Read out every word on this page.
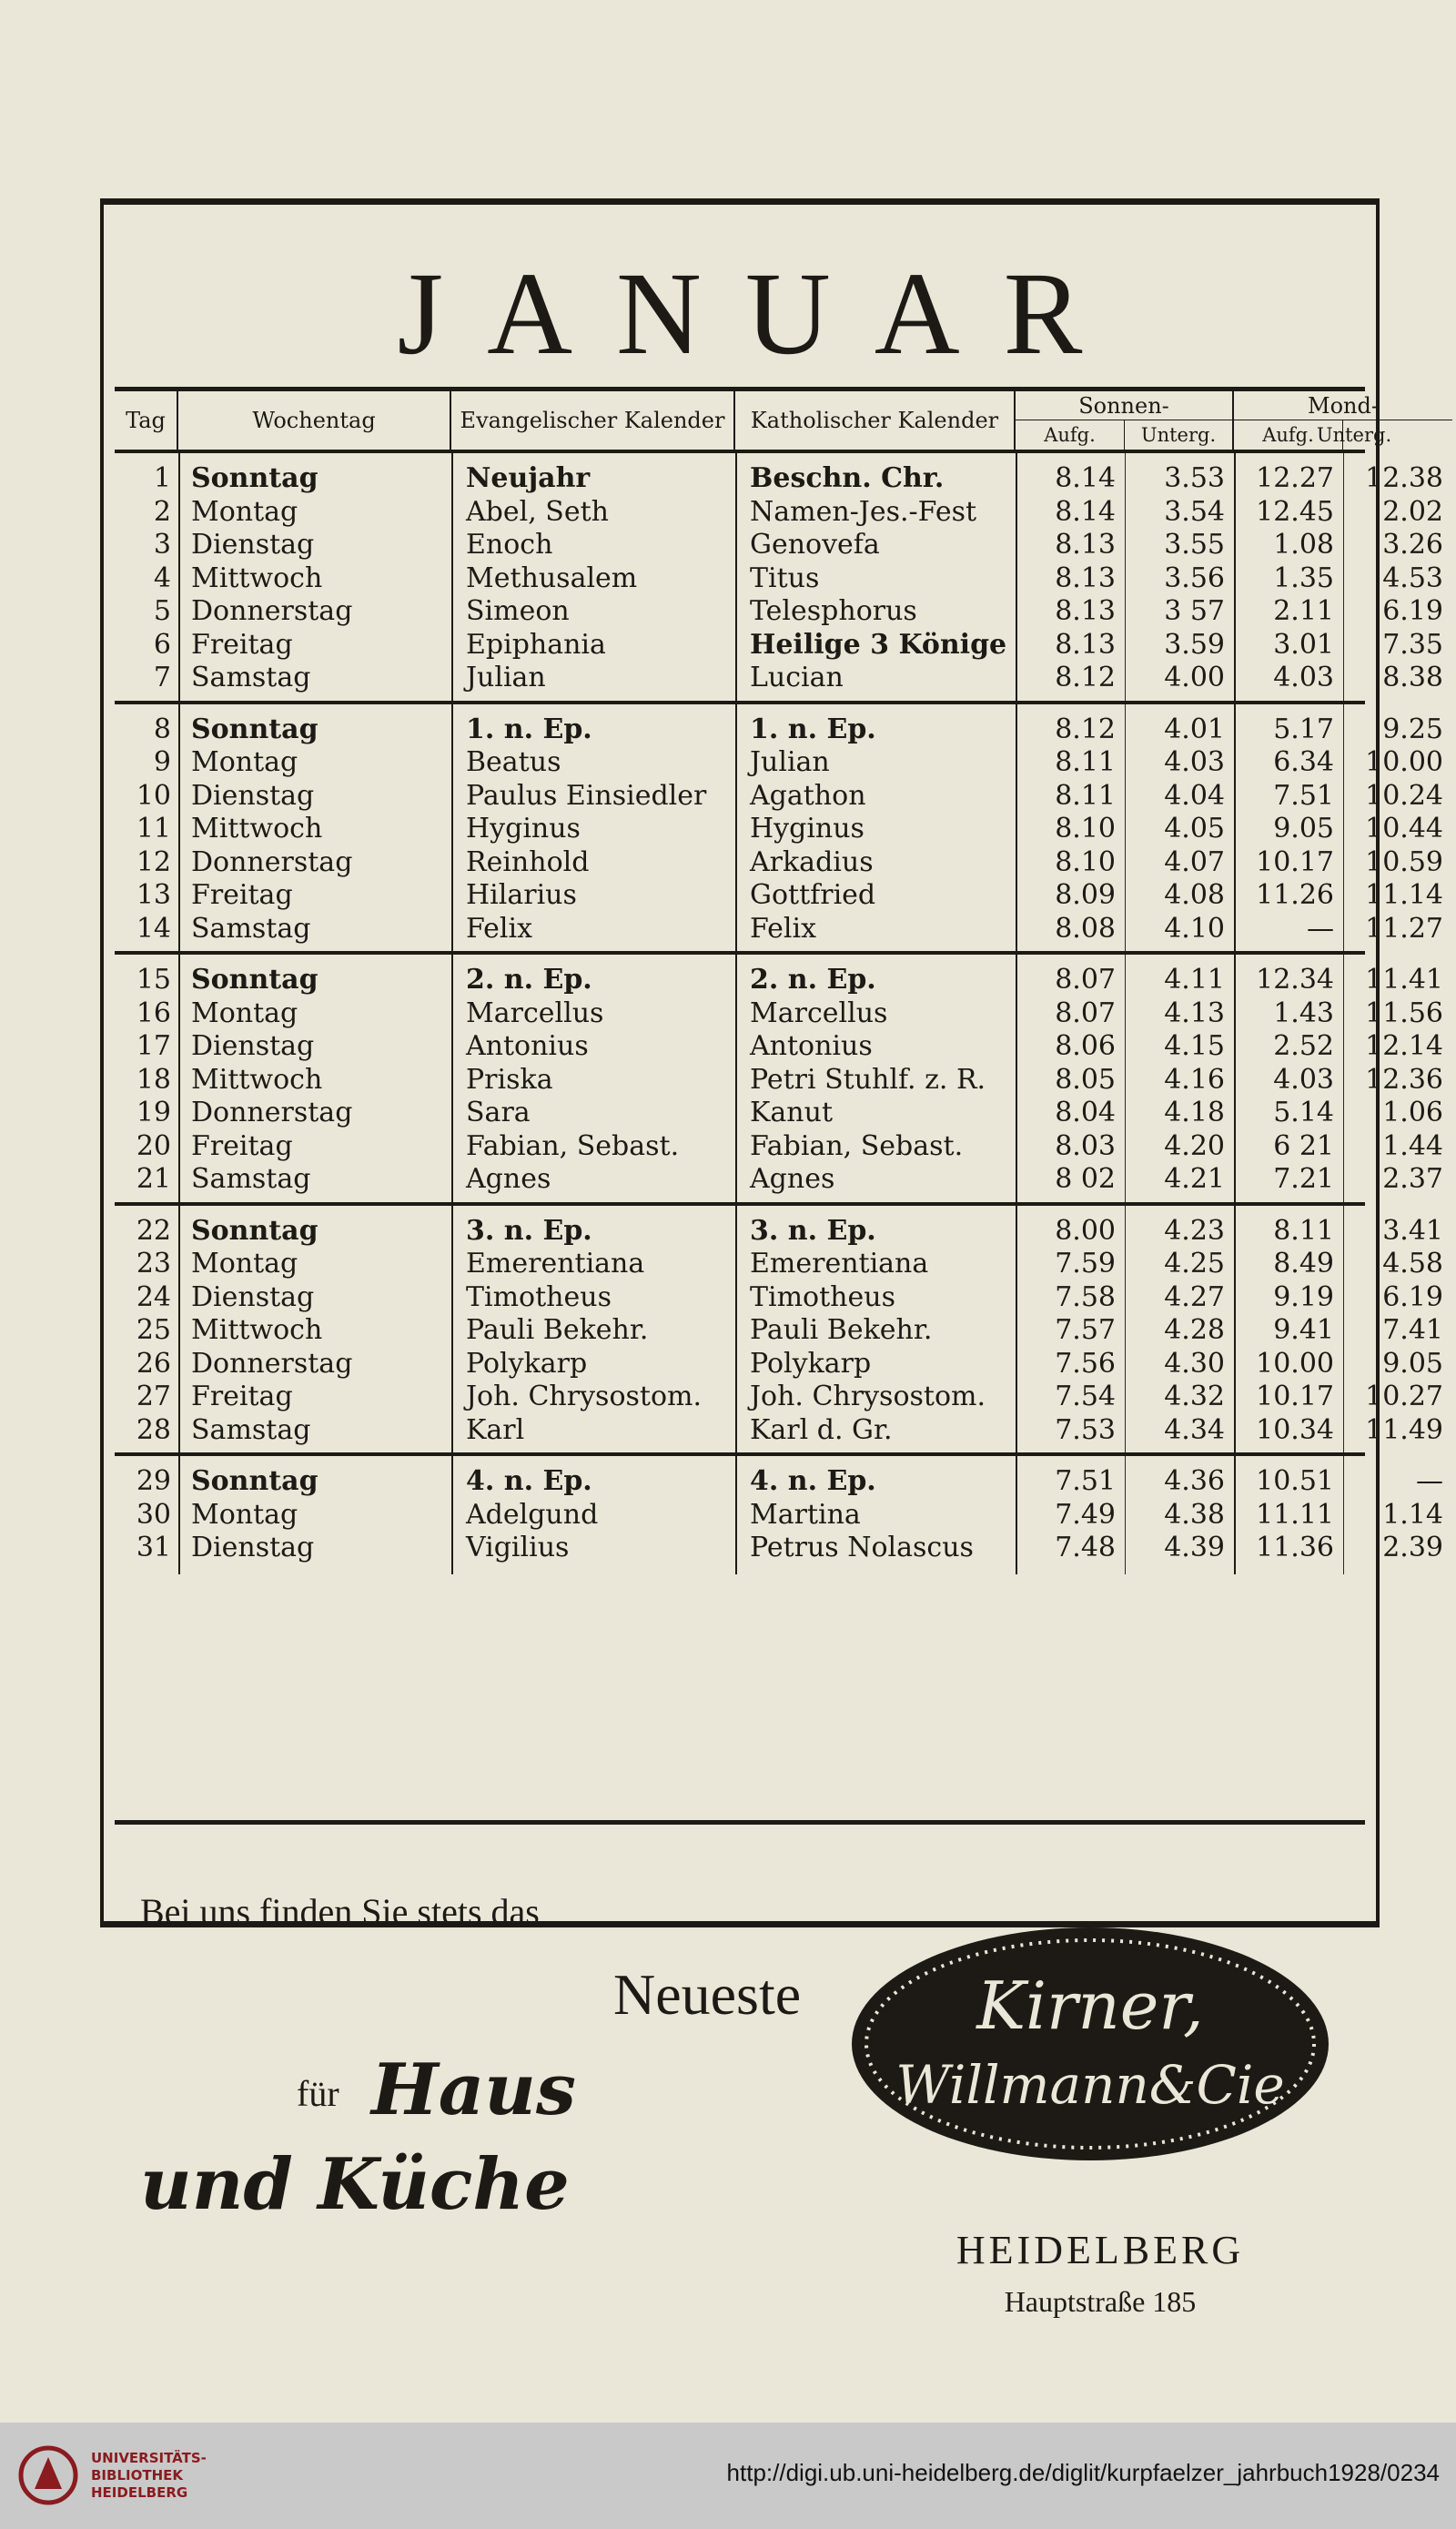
JANUAR
Tag	Wochentag	Evangelischer Kalender	Katholischer Kalender
Sonnen-	Mond-
Aufg.	Unterg.	Aufg. Unterg.
1 Sonntag	Neujahr	Beschn. Chr.	8.14	3.53	12.27	12.38
2 Montag	Abel, Seth	Namen-Jes.-Fest	8.14	3.54	12.45	2.02
3 Dienstag	Enoch	Genovefa	8.13	3.55	1.08	3.26
4 Mittwoch	Methusalem	Titus	8.13	3.56	1.35	4.53
5 Donnerstag	Simeon	Telesphorus	8.13	3 57	2.11	6.19
6 Freitag	Epiphania	Heilige 3 Könige	8.13	3.59	3.01	7.35
7 Samstag	Julian	Lucian	8.12	4.00	4.03	8.38
8 Sonntag	1. n. Ep.	1. n. Ep.	8.12	4.01	5.17	9.25
9 Montag	Beatus	Julian	8.11	4.03	6.34	10.00
10 Dienstag	Paulus Einsiedler	Agathon	8.11	4.04	7.51	10.24
11 Mittwoch	Hyginus	Hyginus	8.10	4.05	9.05	10.44
12 Donnerstag	Reinhold	Arkadius	8.10	4.07	10.17	10.59
13 Freitag	Hilarius	Gottfried	8.09	4.08	11.26	11.14
14 Samstag	Felix	Felix	8.08	4.10	—	11.27
15 Sonntag	2. n. Ep.	2. n. Ep.	8.07	4.11	12.34	11.41
16 Montag	Marcellus	Marcellus	8.07	4.13	1.43	11.56
17 Dienstag	Antonius	Antonius	8.06	4.15	2.52	12.14
18 Mittwoch	Priska	Petri Stuhlf. z. R.	8.05	4.16	4.03	12.36
19 Donnerstag	Sara	Kanut	8.04	4.18	5.14	1.06
20 Freitag	Fabian, Sebast.	Fabian, Sebast.	8.03	4.20	6 21	1.44
21 Samstag	Agnes	Agnes	8 02	4.21	7.21	2.37
22 Sonntag	3. n. Ep.	3. n. Ep.	8.00	4.23	8.11	3.41
23 Montag	Emerentiana	Emerentiana	7.59	4.25	8.49	4.58
24 Dienstag	Timotheus	Timotheus	7.58	4.27	9.19	6.19
25 Mittwoch	Pauli Bekehr.	Pauli Bekehr.	7.57	4.28	9.41	7.41
26 Donnerstag	Polykarp	Polykarp	7.56	4.30	10.00	9.05
27 Freitag	Joh. Chrysostom.	Joh. Chrysostom.	7.54	4.32	10.17	10.27
28 Samstag	Karl	Karl d. Gr.	7.53	4.34	10.34	11.49
29 Sonntag	4. n. Ep.	4. n. Ep.	7.51	4.36	10.51	—
30 Montag	Adelgund	Martina	7.49	4.38	11.11	1.14
31 Dienstag	Vigilius	Petrus Nolascus	7.48	4.39	11.36	2.39
Bei uns finden Sie stets das
Neueste
für Haus
und Küche
Kirner,
Willmann&Cie
HEIDELBERG
Hauptstraße 185
UNIVERSITÄTS-
BIBLIOTHEK
HEIDELBERG
http://digi.ub.uni-heidelberg.de/diglit/kurpfaelzer_jahrbuch1928/0234
